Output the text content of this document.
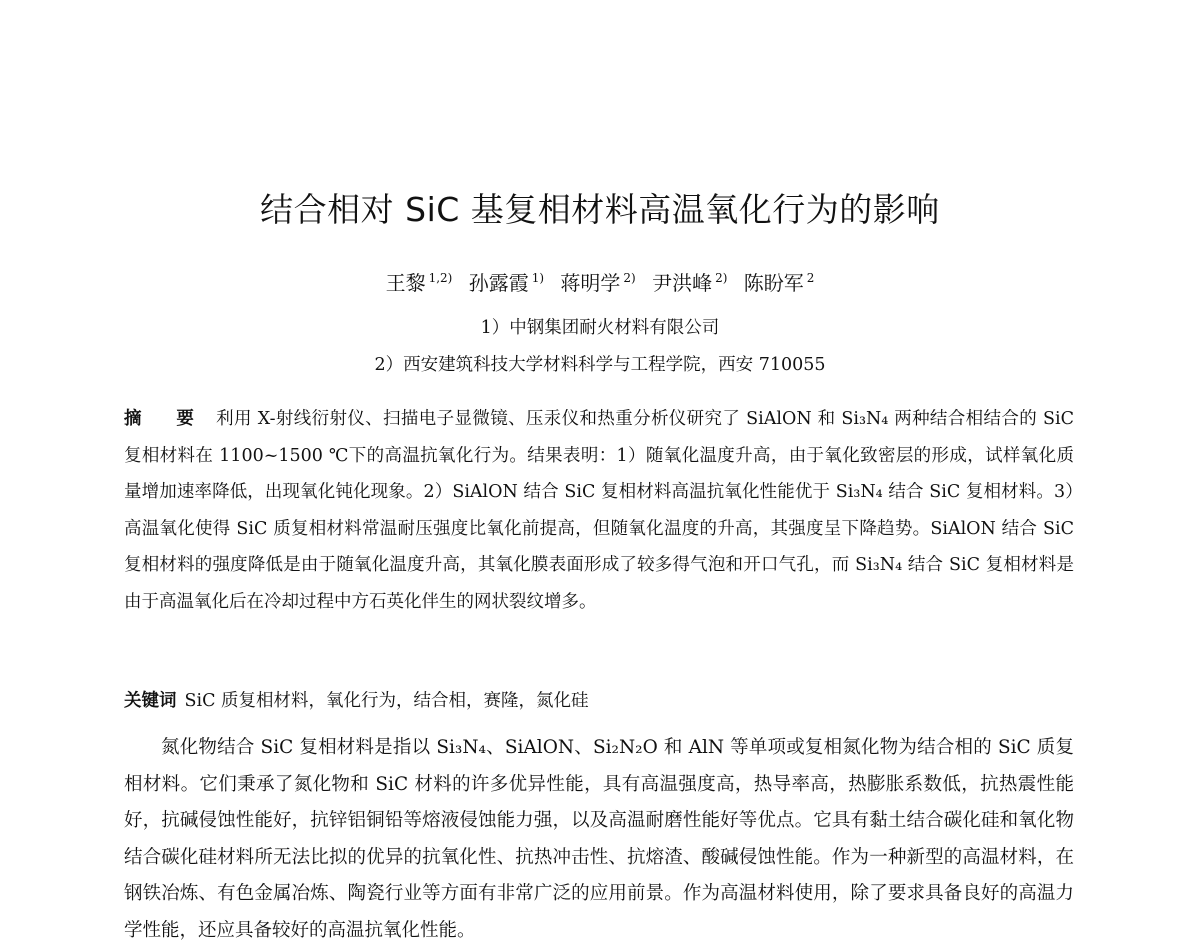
结合相对 SiC 基复相材料高温氧化行为的影响
王黎 $^{1,2)}$ 孙露霞 $^{1)}$ 蒋明学 $^{2)}$ 尹洪峰 $^{2)}$ 陈盼军 $^2$
1）中钢集团耐火材料有限公司
2）西安建筑科技大学材料科学与工程学院，西安 710055

摘 要 利用 X-射线衍射仪、扫描电子显微镜、压汞仪和热重分析仪研究了 SiAlON 和 Si₃N₄ 两种结合相结合的 SiC 复相材料在 1100~1500 ℃下的高温抗氧化行为。结果表明：1）随氧化温度升高，由于氧化致密层的形成，试样氧化质量增加速率降低，出现氧化钝化现象。2）SiAlON 结合 SiC 复相材料高温抗氧化性能优于 Si₃N₄ 结合 SiC 复相材料。3）高温氧化使得 SiC 质复相材料常温耐压强度比氧化前提高，但随氧化温度的升高，其强度呈下降趋势。SiAlON 结合 SiC 复相材料的强度降低是由于随氧化温度升高，其氧化膜表面形成了较多得气泡和开口气孔，而 Si₃N₄ 结合 SiC 复相材料是由于高温氧化后在冷却过程中方石英化伴生的网状裂纹增多。

关键词 SiC 质复相材料，氧化行为，结合相，赛隆，氮化硅

氮化物结合 SiC 复相材料是指以 Si₃N₄、SiAlON、Si₂N₂O 和 AlN 等单项或复相氮化物为结合相的 SiC 质复相材料。它们秉承了氮化物和 SiC 材料的许多优异性能，具有高温强度高，热导率高，热膨胀系数低，抗热震性能好，抗碱侵蚀性能好，抗锌铝铜铅等熔液侵蚀能力强，以及高温耐磨性能好等优点。它具有黏土结合碳化硅和氧化物结合碳化硅材料所无法比拟的优异的抗氧化性、抗热冲击性、抗熔渣、酸碱侵蚀性能。作为一种新型的高温材料，在钢铁冶炼、有色金属冶炼、陶瓷行业等方面有非常广泛的应用前景。作为高温材料使用，除了要求具备良好的高温力学性能，还应具备较好的高温抗氧化性能。
